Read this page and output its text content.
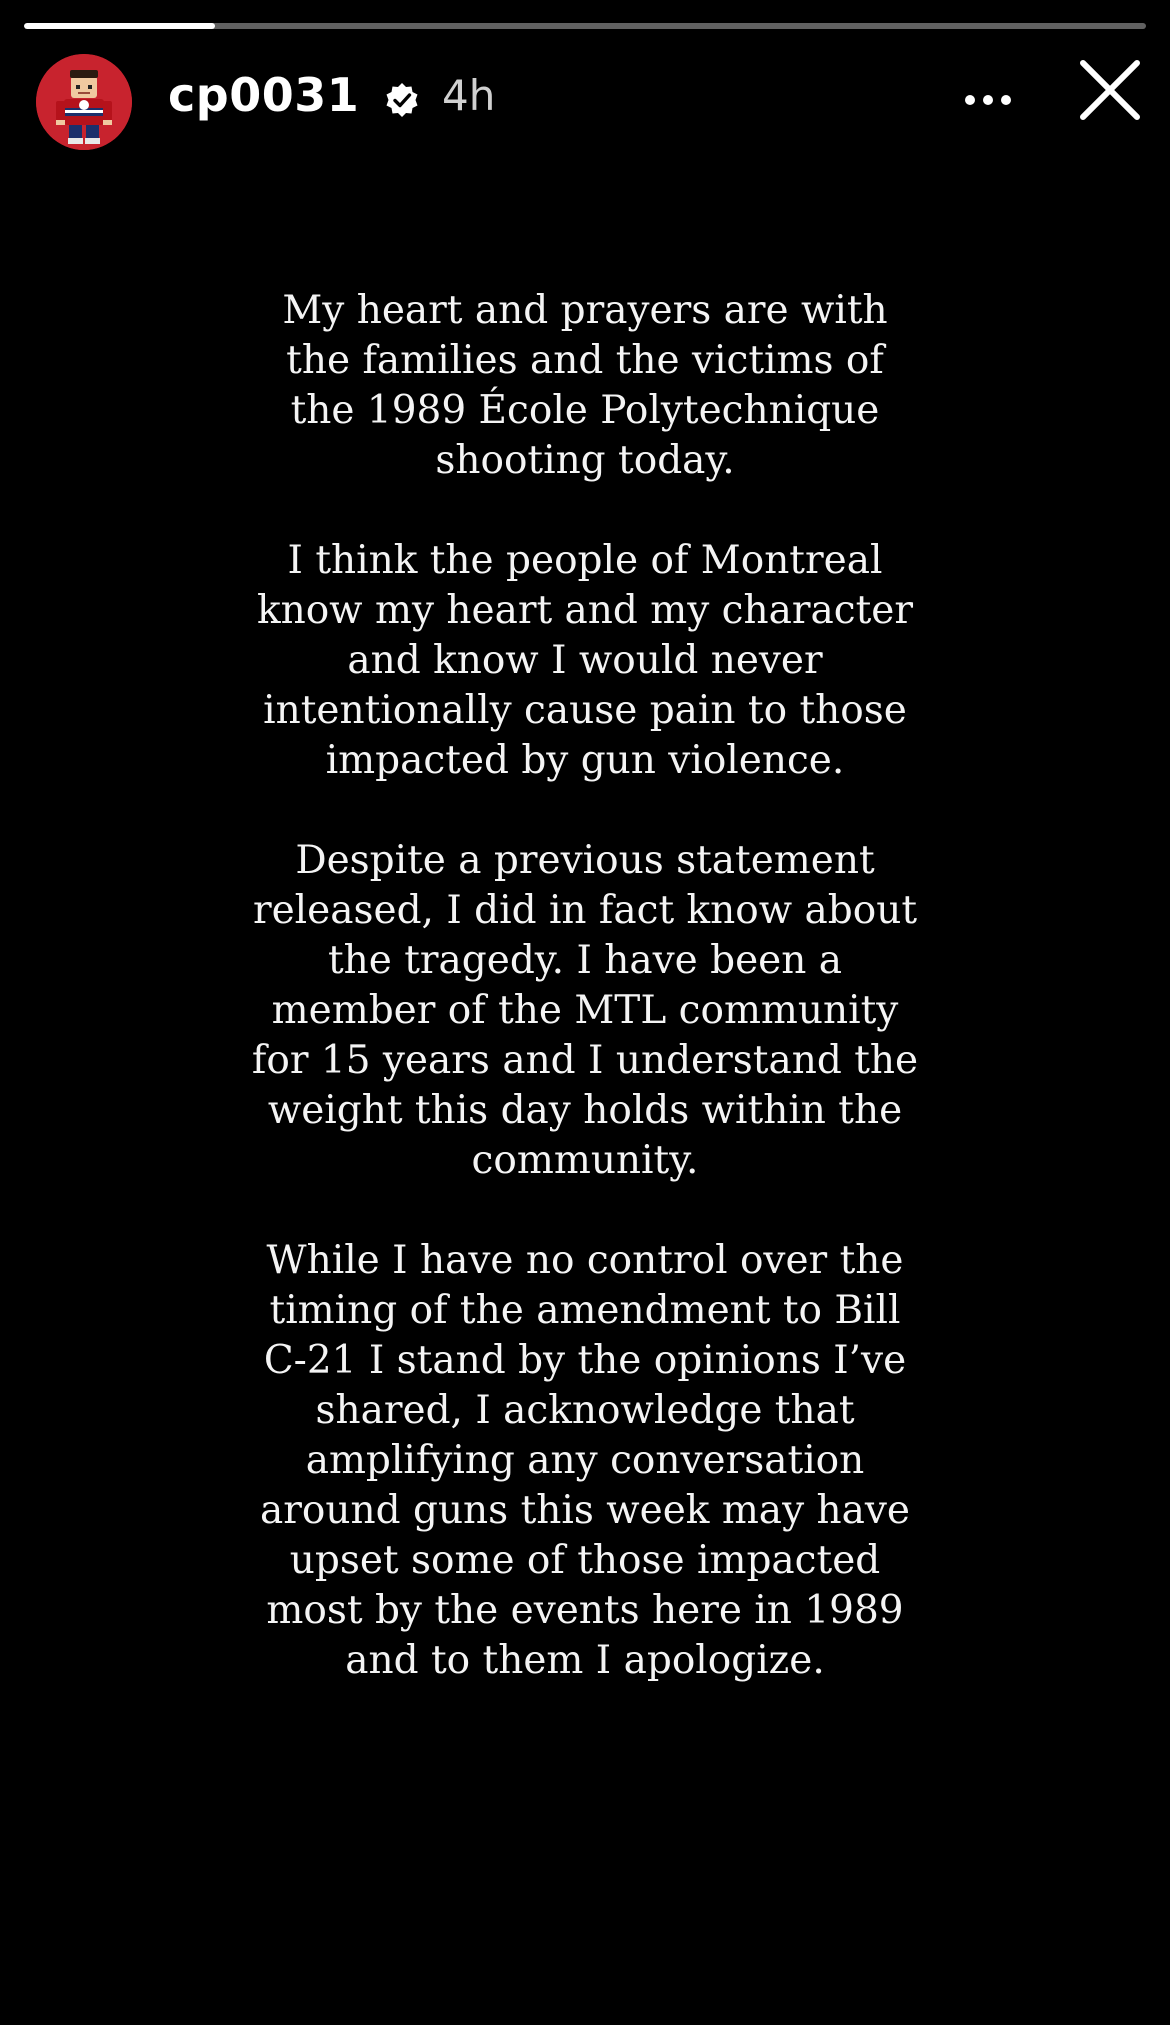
cp0031 4h

My heart and prayers are with the families and the victims of the 1989 École Polytechnique shooting today.

I think the people of Montreal know my heart and my character and know I would never intentionally cause pain to those impacted by gun violence.

Despite a previous statement released, I did in fact know about the tragedy. I have been a member of the MTL community for 15 years and I understand the weight this day holds within the community.

While I have no control over the timing of the amendment to Bill C-21 I stand by the opinions I’ve shared, I acknowledge that amplifying any conversation around guns this week may have upset some of those impacted most by the events here in 1989 and to them I apologize.
